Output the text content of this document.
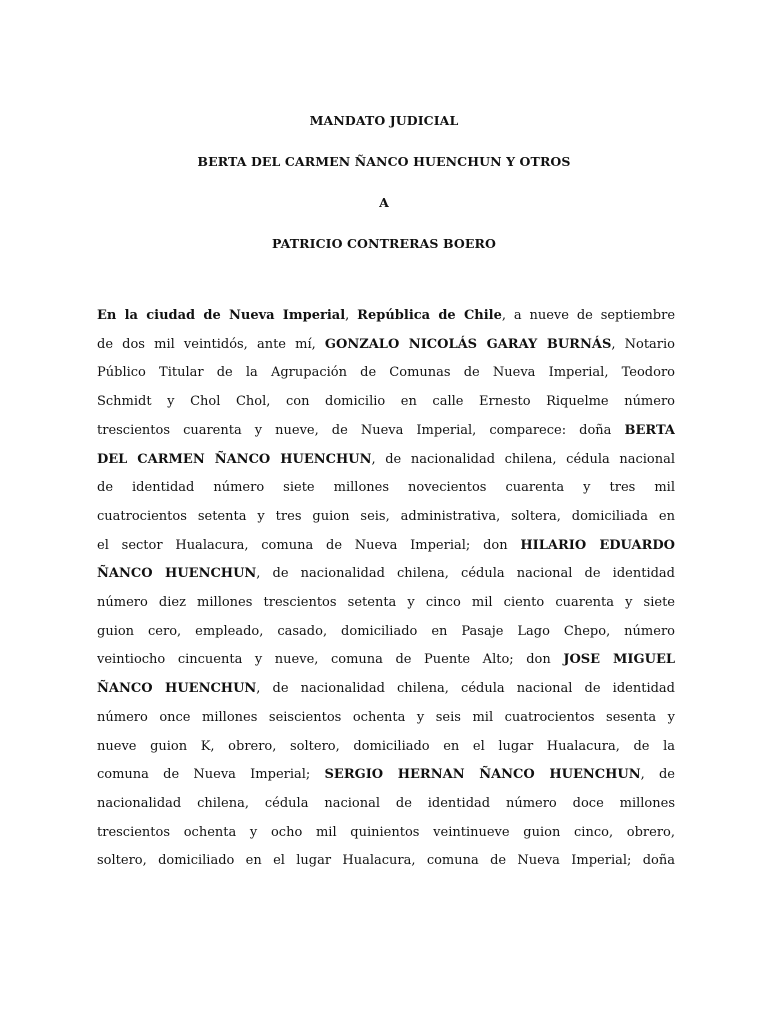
MANDATO JUDICIAL
BERTA DEL CARMEN ÑANCO HUENCHUN Y OTROS
A
PATRICIO CONTRERAS BOERO
En la ciudad de Nueva Imperial, República de Chile, a nueve de septiembre
de dos mil veintidós, ante mí, GONZALO NICOLÁS GARAY BURNÁS, Notario
Público Titular de la Agrupación de Comunas de Nueva Imperial, Teodoro
Schmidt y Chol Chol, con domicilio en calle Ernesto Riquelme número
trescientos cuarenta y nueve, de Nueva Imperial, comparece: doña BERTA
DEL CARMEN ÑANCO HUENCHUN, de nacionalidad chilena, cédula nacional
de identidad número siete millones novecientos cuarenta y tres mil
cuatrocientos setenta y tres guion seis, administrativa, soltera, domiciliada en
el sector Hualacura, comuna de Nueva Imperial; don HILARIO EDUARDO
ÑANCO HUENCHUN, de nacionalidad chilena, cédula nacional de identidad
número diez millones trescientos setenta y cinco mil ciento cuarenta y siete
guion cero, empleado, casado, domiciliado en Pasaje Lago Chepo, número
veintiocho cincuenta y nueve, comuna de Puente Alto; don JOSE MIGUEL
ÑANCO HUENCHUN, de nacionalidad chilena, cédula nacional de identidad
número once millones seiscientos ochenta y seis mil cuatrocientos sesenta y
nueve guion K, obrero, soltero, domiciliado en el lugar Hualacura, de la
comuna de Nueva Imperial; SERGIO HERNAN ÑANCO HUENCHUN, de
nacionalidad chilena, cédula nacional de identidad número doce millones
trescientos ochenta y ocho mil quinientos veintinueve guion cinco, obrero,
soltero, domiciliado en el lugar Hualacura, comuna de Nueva Imperial; doña
